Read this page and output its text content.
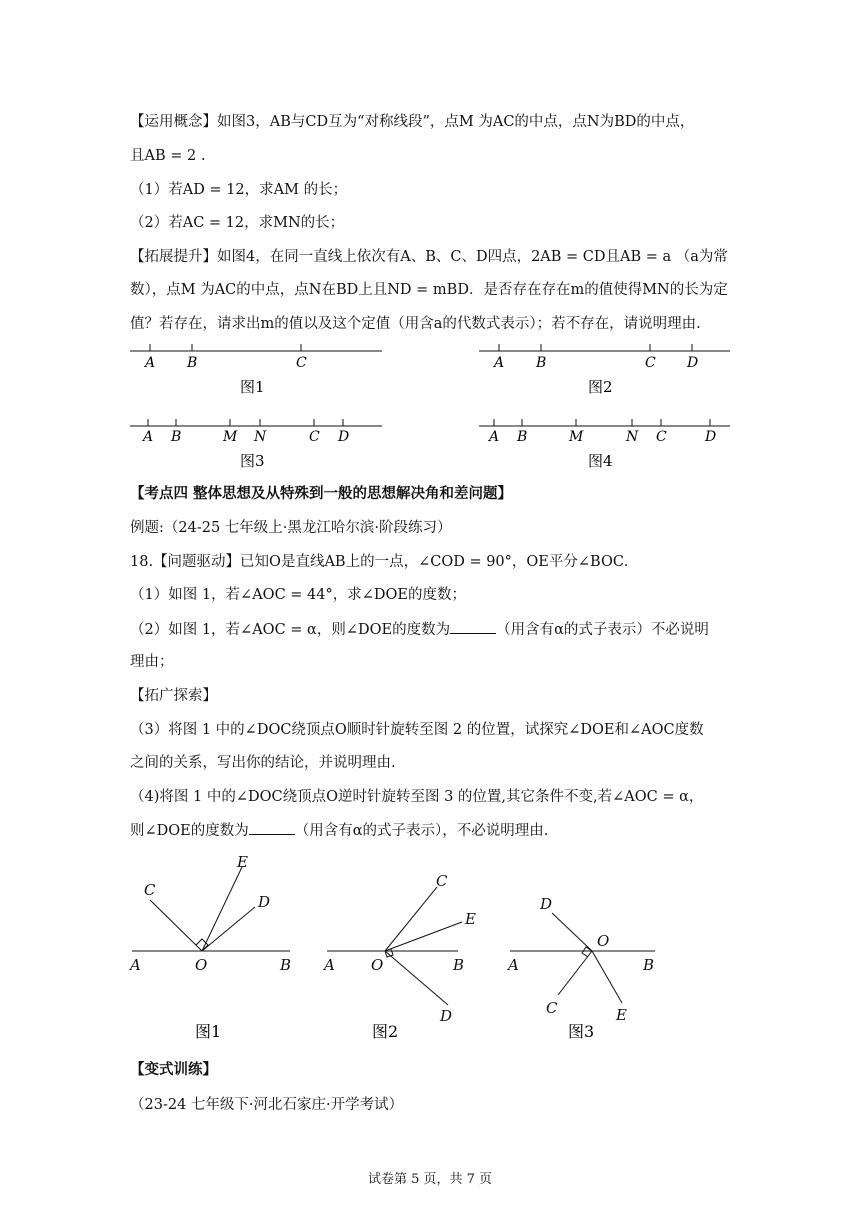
【运用概念】如图3，AB与CD互为“对称线段”，点M 为AC的中点，点N为BD的中点，
且AB = 2 .
（1）若AD = 12，求AM 的长；
（2）若AC = 12，求MN的长；
【拓展提升】如图4，在同一直线上依次有A、B、C、D四点，2AB = CD且AB = a （a为常
数），点M 为AC的中点，点N在BD上且ND = mBD．是否存在存在m的值使得MN的长为定
值？若存在，请求出m的值以及这个定值（用含a的代数式表示）；若不存在，请说明理由.
A B	C
图1
A B	C D
图2
A B	M N	C D
图3
A B	M	N C	D
图4
【考点四 整体思想及从特殊到一般的思想解决角和差问题】
例题:（24-25 七年级上·黑龙江哈尔滨·阶段练习）
18.【问题驱动】已知O是直线AB上的一点，∠COD = 90°，OE平分∠BOC．
（1）如图 1，若∠AOC = 44°，求∠DOE的度数；
（2）如图 1，若∠AOC = α，则∠DOE的度数为	（用含有α的式子表示）不必说明
理由；
【拓广探索】
（3）将图 1 中的∠DOC绕顶点O顺时针旋转至图 2 的位置，试探究∠DOE和∠AOC度数
之间的关系，写出你的结论，并说明理由.
（4)将图 1 中的∠DOC绕顶点O逆时针旋转至图 3 的位置,其它条件不变,若∠AOC = α，
则∠DOE的度数为	（用含有α的式子表示），不必说明理由.
C
E
D
A	O	B
图1
C
E
A O	B
D
图2
D
O
A	B
C	E
图3
【变式训练】
（23-24 七年级下·河北石家庄·开学考试）
试卷第 5 页，共 7 页
